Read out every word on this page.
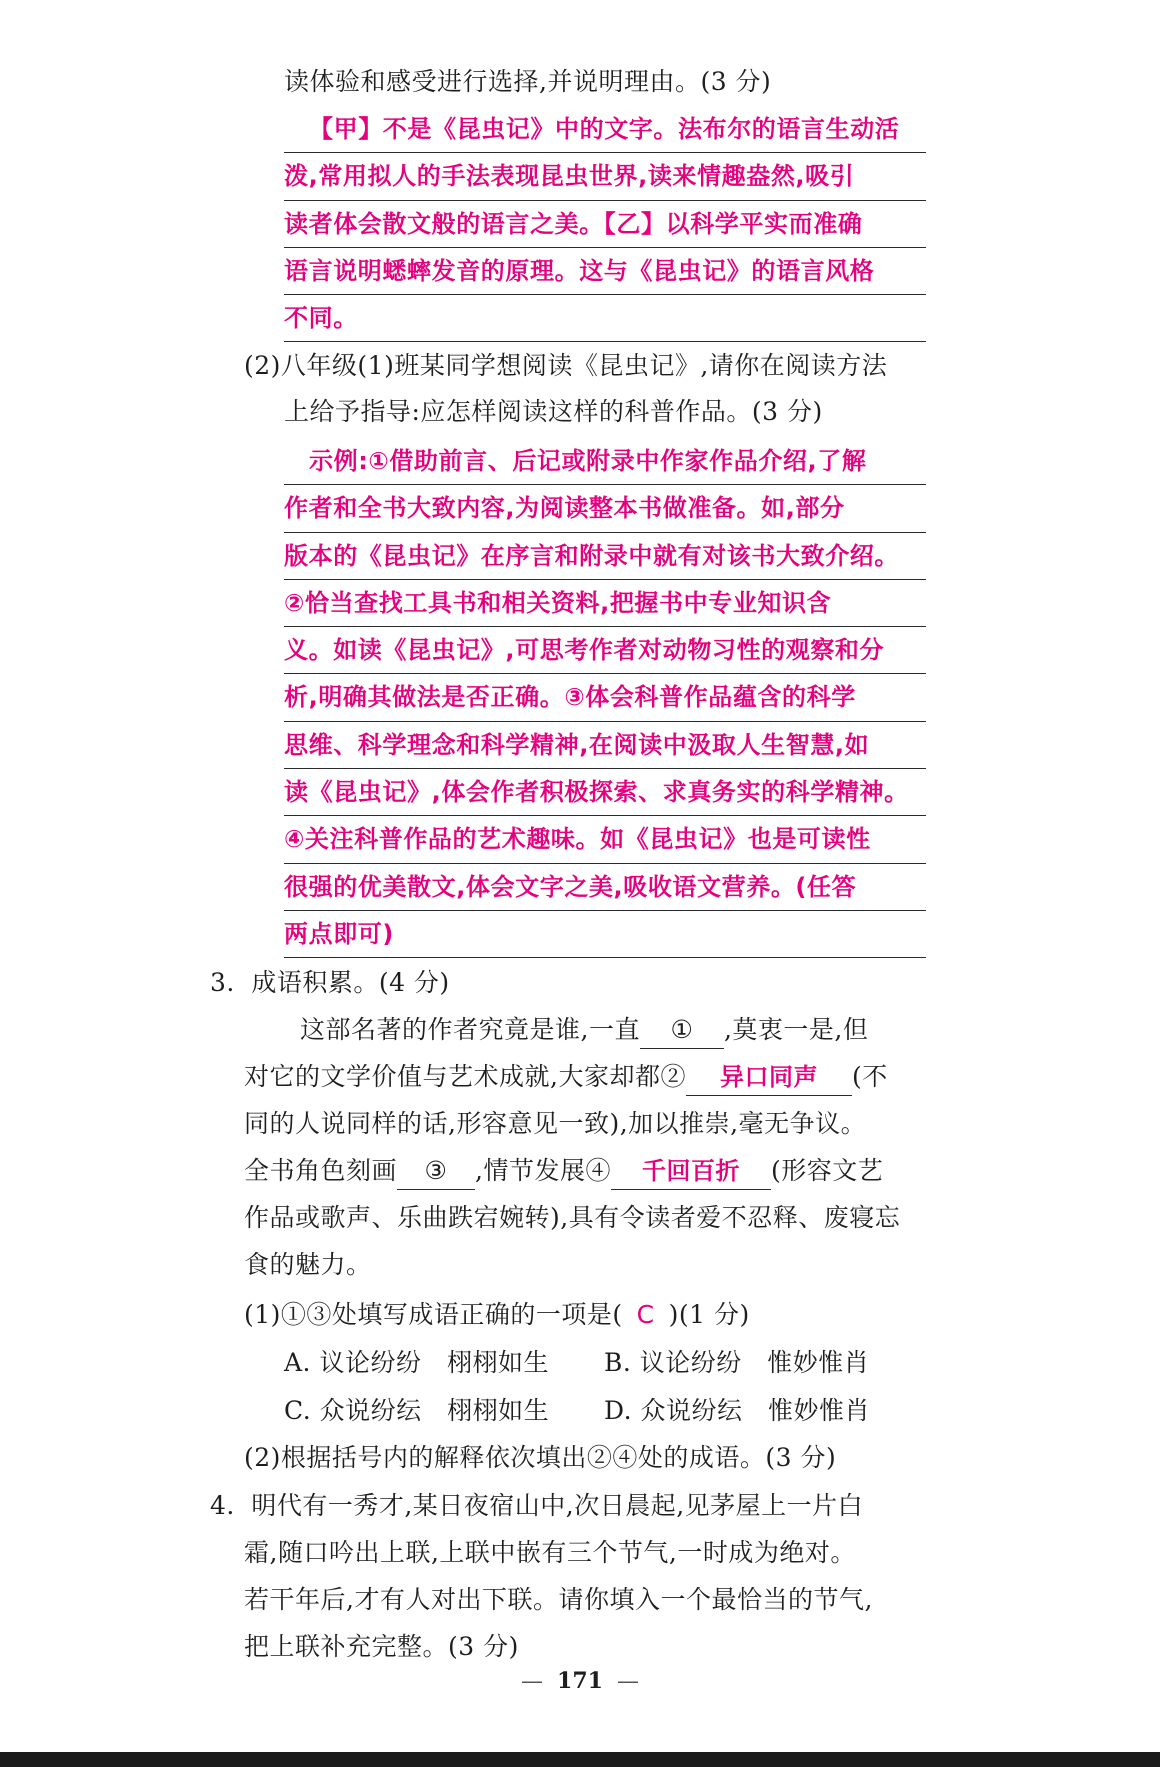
读体验和感受进行选择,并说明理由。(3 分)
【甲】不是《昆虫记》中的文字。法布尔的语言生动活
泼,常用拟人的手法表现昆虫世界,读来情趣盎然,吸引
读者体会散文般的语言之美。【乙】以科学平实而准确
语言说明蟋蟀发音的原理。这与《昆虫记》的语言风格
不同。
(2)八年级(1)班某同学想阅读《昆虫记》,请你在阅读方法
上给予指导:应怎样阅读这样的科普作品。(3 分)
示例:①借助前言、后记或附录中作家作品介绍,了解
作者和全书大致内容,为阅读整本书做准备。如,部分
版本的《昆虫记》在序言和附录中就有对该书大致介绍。
②恰当查找工具书和相关资料,把握书中专业知识含
义。如读《昆虫记》,可思考作者对动物习性的观察和分
析,明确其做法是否正确。③体会科普作品蕴含的科学
思维、科学理念和科学精神,在阅读中汲取人生智慧,如
读《昆虫记》,体会作者积极探索、求真务实的科学精神。
④关注科普作品的艺术趣味。如《昆虫记》也是可读性
很强的优美散文,体会文字之美,吸收语文营养。(任答
两点即可)
3. 成语积累。(4 分)
这部名著的作者究竟是谁,一直 ① ,莫衷一是,但
对它的文学价值与艺术成就,大家却都② 异口同声 (不
同的人说同样的话,形容意见一致),加以推崇,毫无争议。
全书角色刻画 ③ ,情节发展④ 千回百折 (形容文艺
作品或歌声、乐曲跌宕婉转),具有令读者爱不忍释、废寝忘
食的魅力。
(1)①③处填写成语正确的一项是( C )(1 分)
A. 议论纷纷　栩栩如生 B. 议论纷纷　惟妙惟肖
C. 众说纷纭　栩栩如生 D. 众说纷纭　惟妙惟肖
(2)根据括号内的解释依次填出②④处的成语。(3 分)
4. 明代有一秀才,某日夜宿山中,次日晨起,见茅屋上一片白
霜,随口吟出上联,上联中嵌有三个节气,一时成为绝对。
若干年后,才有人对出下联。请你填入一个最恰当的节气,
把上联补充完整。(3 分)
— 171 —
